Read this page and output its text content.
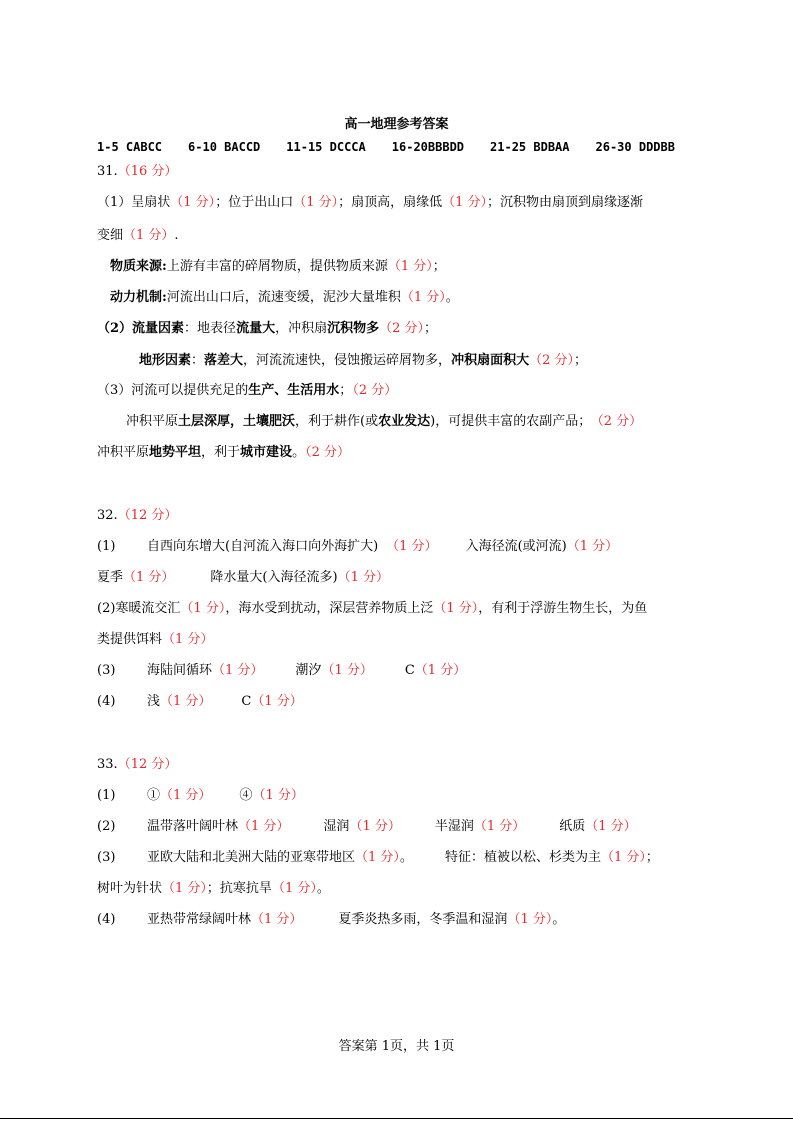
高一地理参考答案
1-5 CABCC 6-10 BACCD 11-15 DCCCA 16-20BBBDD 21-25 BDBAA 26-30 DDDBB
31.（16 分）
（1）呈扇状（1 分）；位于出山口（1 分）；扇顶高，扇缘低（1 分）；沉积物由扇顶到扇缘逐渐
变细（1 分）.
物质来源:上游有丰富的碎屑物质，提供物质来源（1 分）；
动力机制:河流出山口后，流速变缓，泥沙大量堆积（1 分）。
（2）流量因素：地表径流量大，冲积扇沉积物多（2 分）；
地形因素：落差大，河流流速快，侵蚀搬运碎屑物多，冲积扇面积大（2 分）；
（3）河流可以提供充足的生产、生活用水；（2 分）
冲积平原土层深厚，土壤肥沃，利于耕作(或农业发达)，可提供丰富的农副产品； （2 分）
冲积平原地势平坦，利于城市建设。（2 分）
32.（12 分）
(1) 自西向东增大(自河流入海口向外海扩大) （1 分） 入海径流(或河流)（1 分）
夏季（1 分）	降水量大(入海径流多)（1 分）
(2)寒暖流交汇（1 分），海水受到扰动，深层营养物质上泛（1 分），有利于浮游生物生长，为鱼
类提供饵料（1 分）
(3) 海陆间循环（1 分） 潮汐（1 分） C（1 分）
(4) 浅（1 分） C（1 分）
33.（12 分）
(1) ①（1 分） ④（1 分）
(2) 温带落叶阔叶林（1 分）	湿润（1 分）	半湿润（1 分）	纸质（1 分）
(3) 亚欧大陆和北美洲大陆的亚寒带地区（1 分）。 特征：植被以松、杉类为主（1 分）；
树叶为针状（1 分）；抗寒抗旱（1 分）。
(4) 亚热带常绿阔叶林（1 分）	夏季炎热多雨，冬季温和湿润（1 分）。
答案第 1页，共 1页
